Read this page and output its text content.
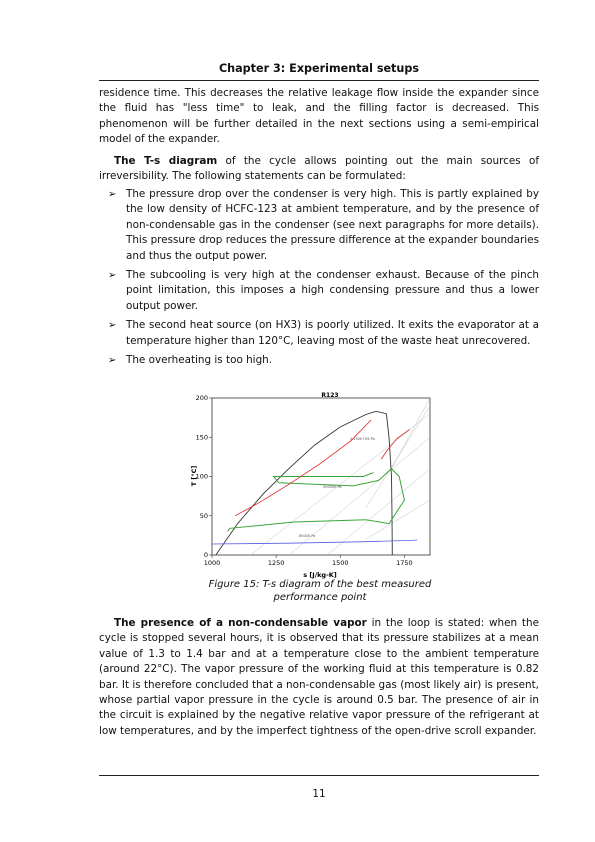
Chapter 3: Experimental setups

residence time. This decreases the relative leakage flow inside the expander since the fluid has "less time" to leak, and the filling factor is decreased. This phenomenon will be further detailed in the next sections using a semi-empirical model of the expander.

The T-s diagram of the cycle allows pointing out the main sources of irreversibility. The following statements can be formulated:

➢ The pressure drop over the condenser is very high. This is partly explained by the low density of HCFC-123 at ambient temperature, and by the presence of non-condensable gas in the condenser (see next paragraphs for more details). This pressure drop reduces the pressure difference at the expander boundaries and thus the output power.
➢ The subcooling is very high at the condenser exhaust. Because of the pinch point limitation, this imposes a high condensing pressure and thus a lower output power.
➢ The second heat source (on HX3) is poorly utilized. It exits the evaporator at a temperature higher than 120°C, leaving most of the waste heat unrecovered.
➢ The overheating is too high.
1000	1250	1500	1750
0
50
100
150
200	R123
s [J/kg-K]
T [°C]
2.100E+06 Pa
500000 Pa
85000 Pa
Figure 15: T-s diagram of the best measured
performance point

The presence of a non-condensable vapor in the loop is stated: when the cycle is stopped several hours, it is observed that its pressure stabilizes at a mean value of 1.3 to 1.4 bar and at a temperature close to the ambient temperature (around 22°C). The vapor pressure of the working fluid at this temperature is 0.82 bar. It is therefore concluded that a non-condensable gas (most likely air) is present, whose partial vapor pressure in the cycle is around 0.5 bar. The presence of air in the circuit is explained by the negative relative vapor pressure of the refrigerant at low temperatures, and by the imperfect tightness of the open-drive scroll expander.

11
